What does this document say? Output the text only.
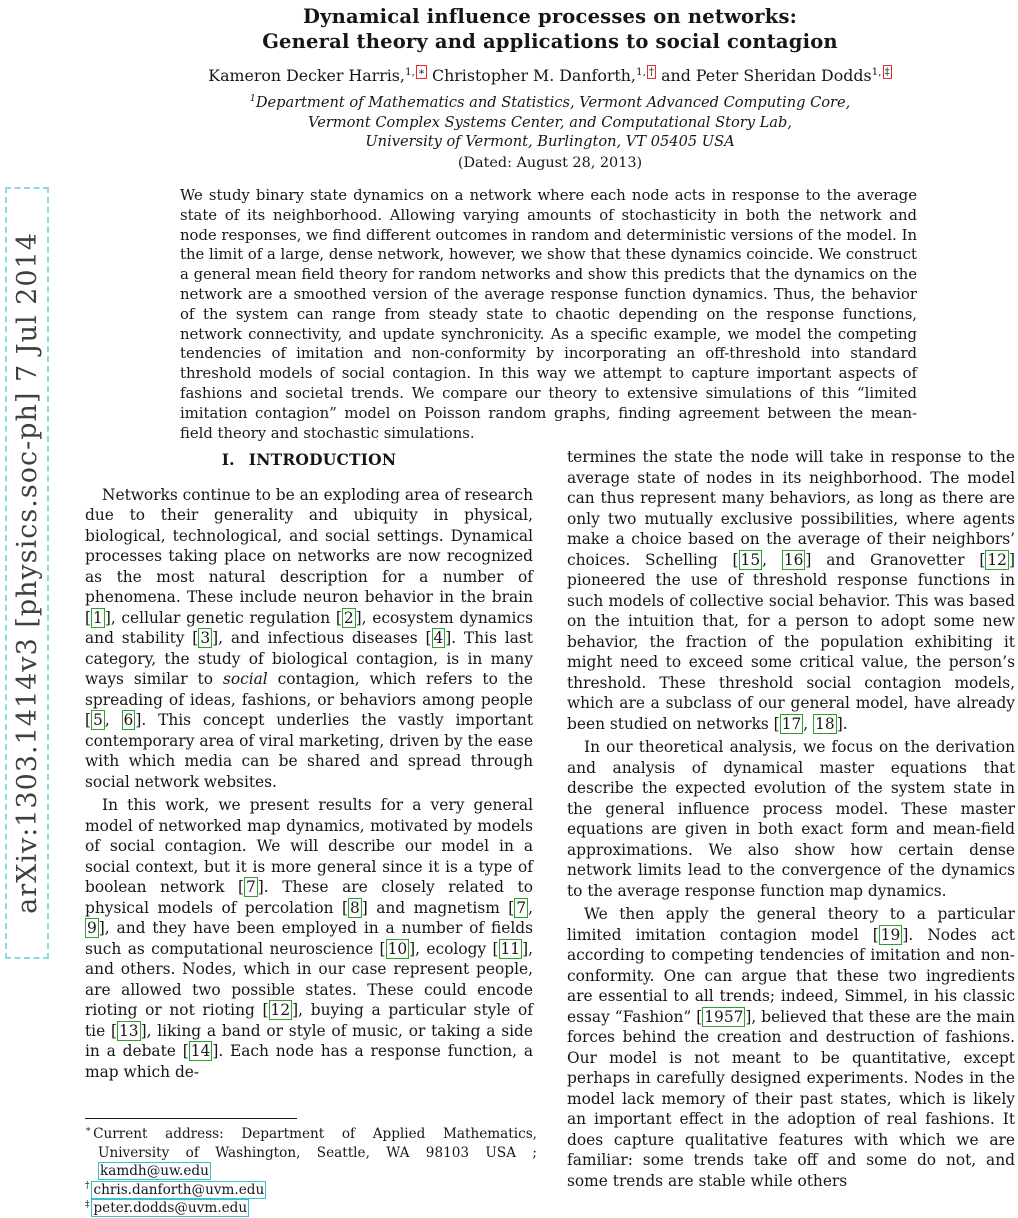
arXiv:1303.1414v3 [physics.soc-ph] 7 Jul 2014
Dynamical influence processes on networks:
General theory and applications to social contagion
Kameron Decker Harris,$^{1, ∗}$ Christopher M. Danforth,$^{1, \dagger}$ and Peter Sheridan Dodds$^{1, \ddagger}$
$^1$Department of Mathematics and Statistics, Vermont Advanced Computing Core,
Vermont Complex Systems Center, and Computational Story Lab,
University of Vermont, Burlington, VT 05405 USA
(Dated: August 28, 2013)

We study binary state dynamics on a network where each node acts in response to the average state of its neighborhood. Allowing varying amounts of stochasticity in both the network and node responses, we find different outcomes in random and deterministic versions of the model. In the limit of a large, dense network, however, we show that these dynamics coincide. We construct a general mean field theory for random networks and show this predicts that the dynamics on the network are a smoothed version of the average response function dynamics. Thus, the behavior of the system can range from steady state to chaotic depending on the response functions, network connectivity, and update synchronicity. As a specific example, we model the competing tendencies of imitation and non-conformity by incorporating an off-threshold into standard threshold models of social contagion. In this way we attempt to capture important aspects of fashions and societal trends. We compare our theory to extensive simulations of this “limited imitation contagion” model on Poisson random graphs, finding agreement between the mean-field theory and stochastic simulations.

I. INTRODUCTION

Networks continue to be an exploding area of research due to their generality and ubiquity in physical, biological, technological, and social settings. Dynamical processes taking place on networks are now recognized as the most natural description for a number of phenomena. These include neuron behavior in the brain [ 1 ], cellular genetic regulation [ 2 ], ecosystem dynamics and stability [ 3 ], and infectious diseases [ 4 ]. This last category, the study of biological contagion, is in many ways similar to social contagion, which refers to the spreading of ideas, fashions, or behaviors among people [ 5 , 6 ]. This concept underlies the vastly important contemporary area of viral marketing, driven by the ease with which media can be shared and spread through social network websites.

In this work, we present results for a very general model of networked map dynamics, motivated by models of social contagion. We will describe our model in a social context, but it is more general since it is a type of boolean network [ 7 ]. These are closely related to physical models of percolation [ 8 ] and magnetism [ 7 , 9 ], and they have been employed in a number of fields such as computational neuroscience [ 10 ], ecology [ 11 ], and others. Nodes, which in our case represent people, are allowed two possible states. These could encode rioting or not rioting [ 12 ], buying a particular style of tie [ 13 ], liking a band or style of music, or taking a side in a debate [ 14 ]. Each node has a response function, a map which de-

termines the state the node will take in response to the average state of nodes in its neighborhood. The model can thus represent many behaviors, as long as there are only two mutually exclusive possibilities, where agents make a choice based on the average of their neighbors’ choices. Schelling [ 15 , 16 ] and Granovetter [ 12 ] pioneered the use of threshold response functions in such models of collective social behavior. This was based on the intuition that, for a person to adopt some new behavior, the fraction of the population exhibiting it might need to exceed some critical value, the person’s threshold. These threshold social contagion models, which are a subclass of our general model, have already been studied on networks [ 17 , 18 ].

In our theoretical analysis, we focus on the derivation and analysis of dynamical master equations that describe the expected evolution of the system state in the general influence process model. These master equations are given in both exact form and mean-field approximations. We also show how certain dense network limits lead to the convergence of the dynamics to the average response function map dynamics.

We then apply the general theory to a particular limited imitation contagion model [ 19 ]. Nodes act according to competing tendencies of imitation and non-conformity. One can argue that these two ingredients are essential to all trends; indeed, Simmel, in his classic essay “Fashion” [ 1957 ], believed that these are the main forces behind the creation and destruction of fashions. Our model is not meant to be quantitative, except perhaps in carefully designed experiments. Nodes in the model lack memory of their past states, which is likely an important effect in the adoption of real fashions. It does capture qualitative features with which we are familiar: some trends take off and some do not, and some trends are stable while others

∗ Current address: Department of Applied Mathematics, University of Washington, Seattle, WA 98103 USA ; kamdh@uw.edu
† chris.danforth@uvm.edu
‡ peter.dodds@uvm.edu
